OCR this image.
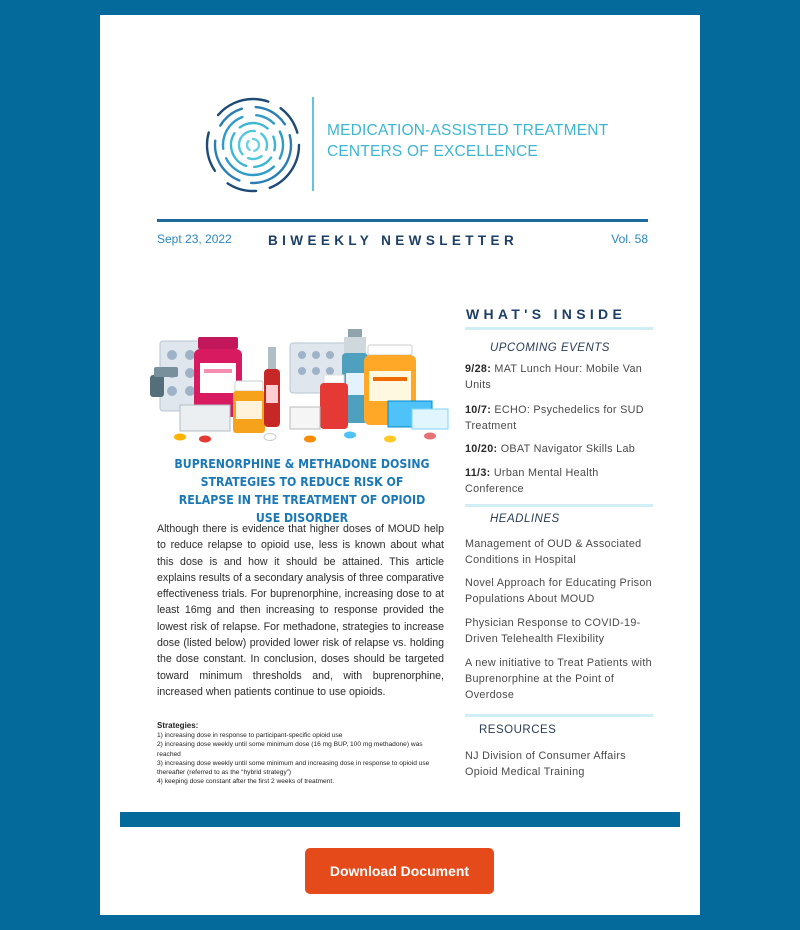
MEDICATION-ASSISTED TREATMENT
CENTERS OF EXCELLENCE
Sept 23, 2022	BIWEEKLY NEWSLETTER	Vol. 58
BUPRENORPHINE & METHADONE DOSING STRATEGIES TO REDUCE RISK OF RELAPSE IN THE TREATMENT OF OPIOID USE DISORDER
Although there is evidence that higher doses of MOUD help to reduce relapse to opioid use, less is known about what this dose is and how it should be attained. This article explains results of a secondary analysis of three comparative effectiveness trials. For buprenorphine, increasing dose to at least 16mg and then increasing to response provided the lowest risk of relapse. For methadone, strategies to increase dose (listed below) provided lower risk of relapse vs. holding the dose constant. In conclusion, doses should be targeted toward minimum thresholds and, with buprenorphine, increased when patients continue to use opioids.
Strategies:
1) increasing dose in response to participant-specific opioid use
2) increasing dose weekly until some minimum dose (16 mg BUP, 100 mg methadone) was reached
3) increasing dose weekly until some minimum and increasing dose in response to opioid use thereafter (referred to as the “hybrid strategy”)
4) keeping dose constant after the first 2 weeks of treatment.
WHAT'S INSIDE
UPCOMING EVENTS
9/28: MAT Lunch Hour: Mobile Van Units
10/7: ECHO: Psychedelics for SUD Treatment
10/20: OBAT Navigator Skills Lab
11/3: Urban Mental Health Conference
HEADLINES
Management of OUD & Associated Conditions in Hospital
Novel Approach for Educating Prison Populations About MOUD
Physician Response to COVID-19-Driven Telehealth Flexibility
A new initiative to Treat Patients with Buprenorphine at the Point of Overdose
RESOURCES
NJ Division of Consumer Affairs
Opioid Medical Training
Download Document
